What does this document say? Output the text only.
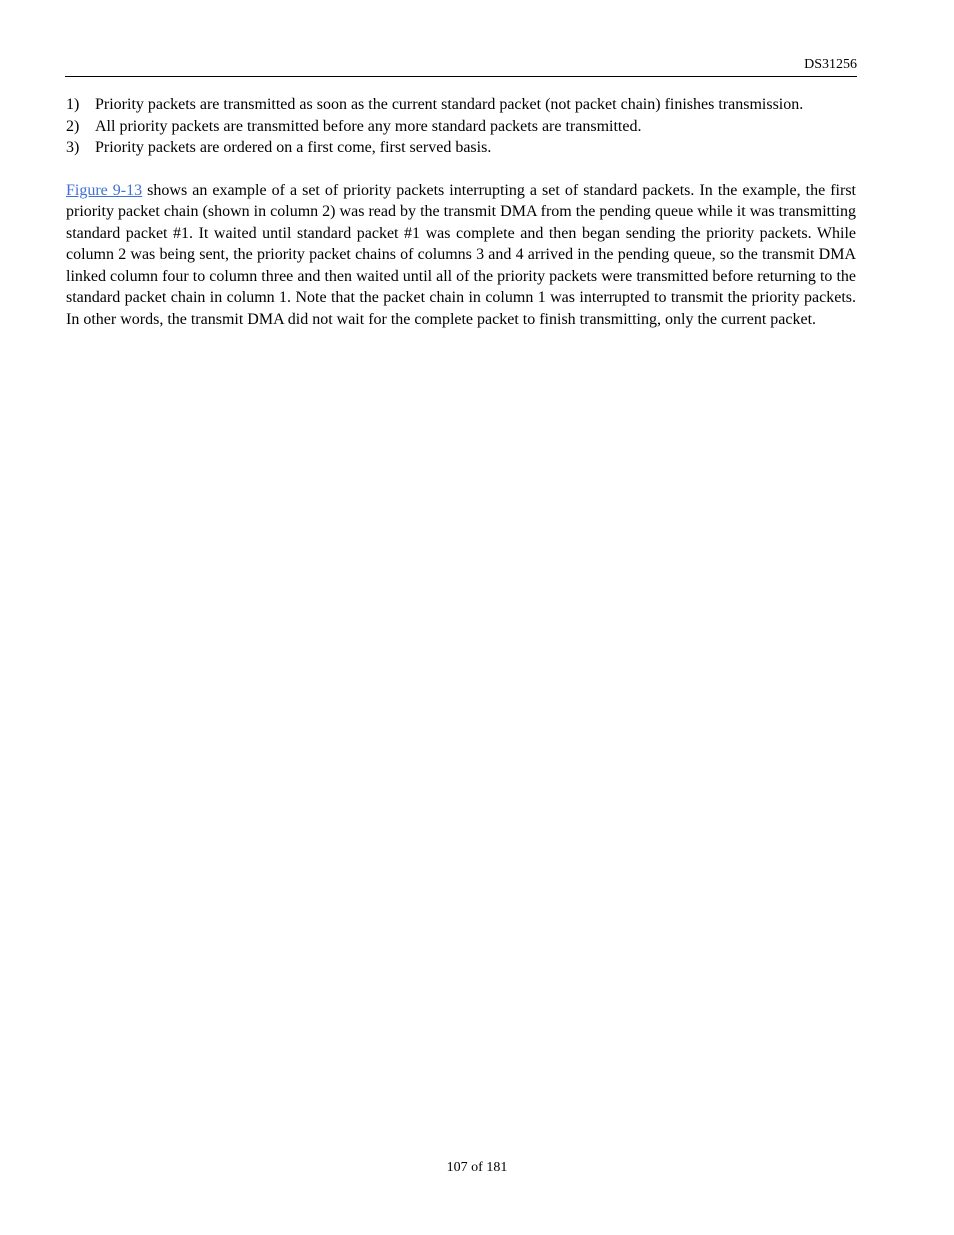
DS31256
1) Priority packets are transmitted as soon as the current standard packet (not packet chain) finishes transmission.
2) All priority packets are transmitted before any more standard packets are transmitted.
3) Priority packets are ordered on a first come, first served basis.

Figure 9-13 shows an example of a set of priority packets interrupting a set of standard packets. In the example, the first priority packet chain (shown in column 2) was read by the transmit DMA from the pending queue while it was transmitting standard packet #1. It waited until standard packet #1 was complete and then began sending the priority packets. While column 2 was being sent, the priority packet chains of columns 3 and 4 arrived in the pending queue, so the transmit DMA linked column four to column three and then waited until all of the priority packets were transmitted before returning to the standard packet chain in column 1. Note that the packet chain in column 1 was interrupted to transmit the priority packets. In other words, the transmit DMA did not wait for the complete packet to finish transmitting, only the current packet.

107 of 181
